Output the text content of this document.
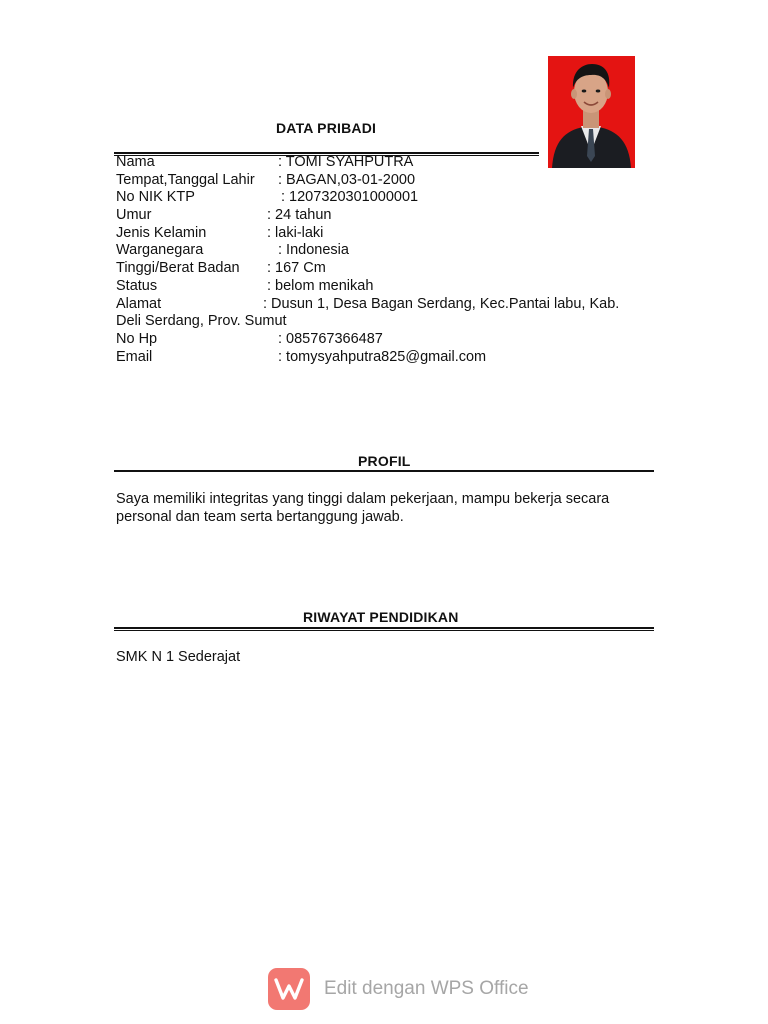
DATA PRIBADI
Nama	: TOMI SYAHPUTRA
Tempat,Tanggal Lahir : BAGAN,03-01-2000
No NIK KTP	: 1207320301000001
Umur	: 24 tahun
Jenis Kelamin	: laki-laki
Warganegara	: Indonesia
Tinggi/Berat Badan : 167 Cm
Status	: belom menikah
Alamat	: Dusun 1, Desa Bagan Serdang, Kec.Pantai labu, Kab.
Deli Serdang, Prov. Sumut
No Hp	: 085767366487
Email	: tomysyahputra825@gmail.com
PROFIL
Saya memiliki integritas yang tinggi dalam pekerjaan, mampu bekerja secara
personal dan team serta bertanggung jawab.
RIWAYAT PENDIDIKAN
SMK N 1 Sederajat
Edit dengan WPS Office
